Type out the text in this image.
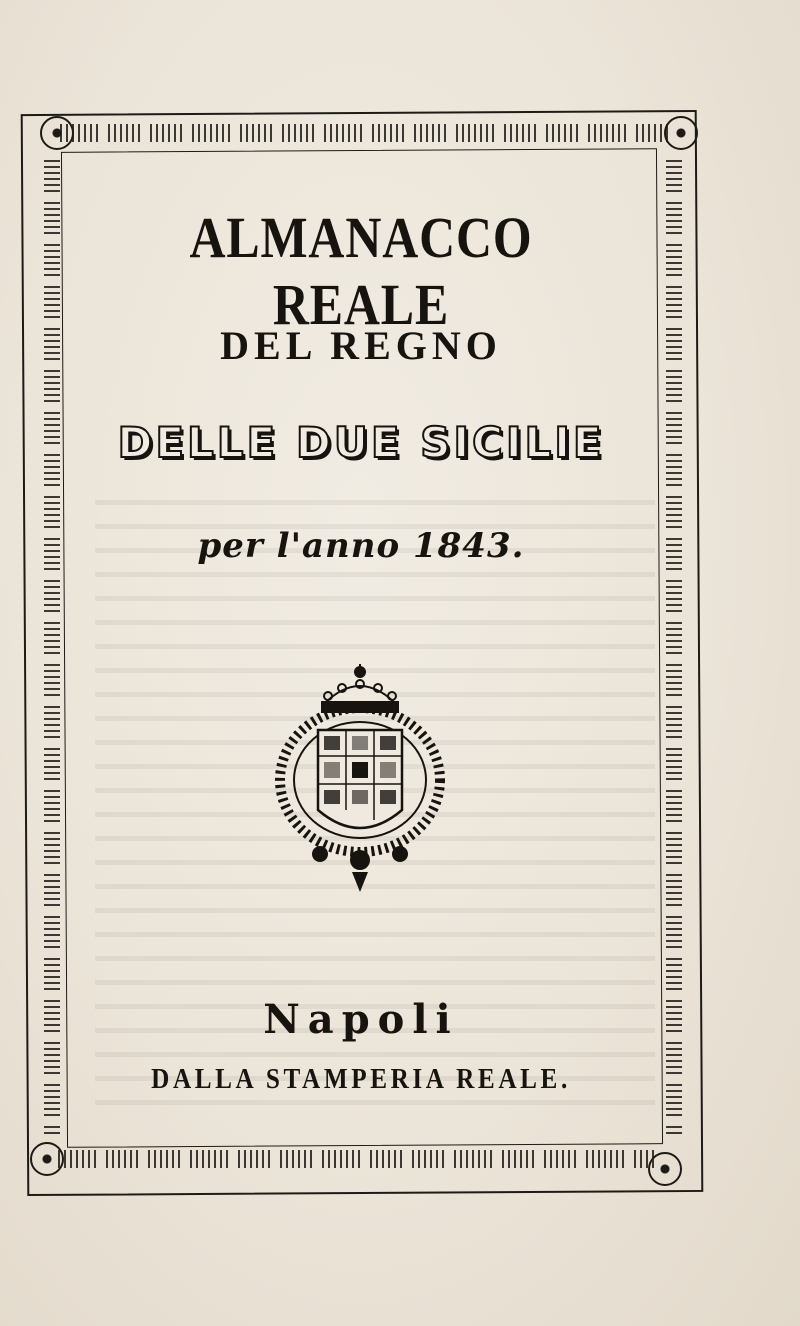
ALMANACCO REALE
DEL REGNO
DELLE DUE SICILIE
per l'anno 1843.
Napoli
DALLA STAMPERIA REALE.
